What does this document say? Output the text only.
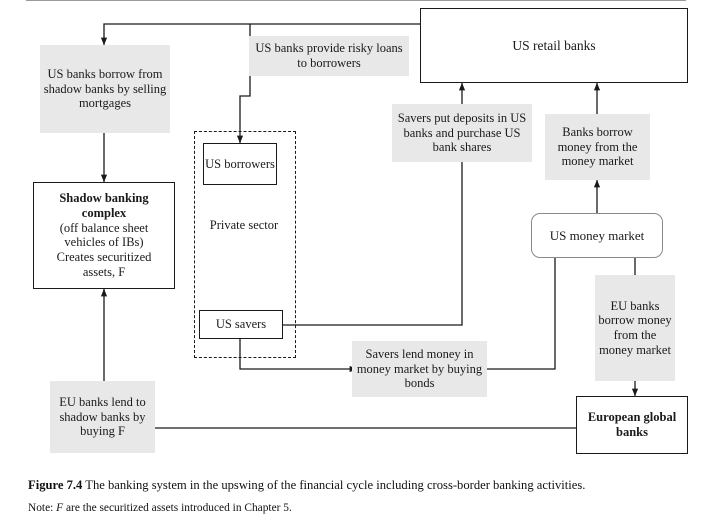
US banks borrow from shadow banks by selling mortgages
US banks provide risky loans to borrowers
Savers put deposits in US banks and purchase US bank shares
Banks borrow money from the money market
EU banks borrow money from the money market
Savers lend money in money market by buying bonds
EU banks lend to shadow banks by buying F
US retail banks
Shadow banking
complex
(off balance sheet
vehicles of IBs)
Creates securitized
assets, F
US borrowers
US savers
US money market
European global banks
Private sector
Figure 7.4 The banking system in the upswing of the financial cycle including cross-border banking activities.
Note: F are the securitized assets introduced in Chapter 5.
